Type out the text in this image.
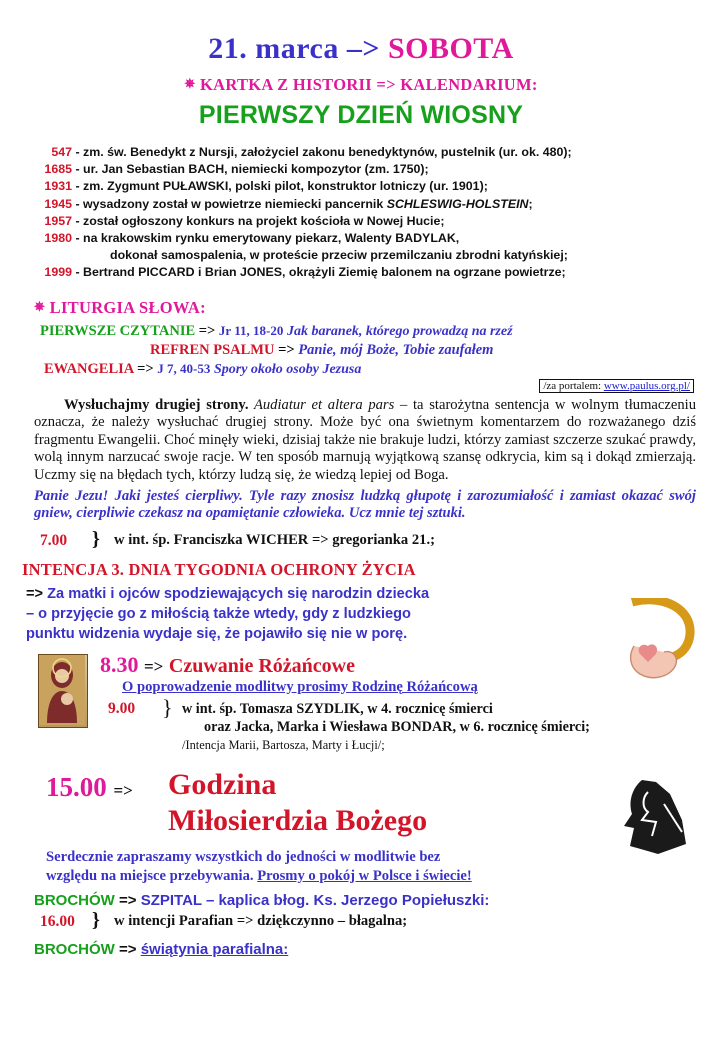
21. marca –> SOBOTA
✵ KARTKA Z HISTORII => KALENDARIUM:
PIERWSZY DZIEŃ WIOSNY
547 - zm. św. Benedykt z Nursji, założyciel zakonu benedyktynów, pustelnik (ur. ok. 480);
1685 - ur. Jan Sebastian BACH, niemiecki kompozytor (zm. 1750);
1931 - zm. Zygmunt PUŁAWSKI, polski pilot, konstruktor lotniczy (ur. 1901);
1945 - wysadzony został w powietrze niemiecki pancernik SCHLESWIG-HOLSTEIN;
1957 - został ogłoszony konkurs na projekt kościoła w Nowej Hucie;
1980 - na krakowskim rynku emerytowany piekarz, Walenty BADYLAK,
dokonał samospalenia, w proteście przeciw przemilczaniu zbrodni katyńskiej;
1999 - Bertrand PICCARD i Brian JONES, okrążyli Ziemię balonem na ogrzane powietrze;
✵ LITURGIA SŁOWA:
PIERWSZE CZYTANIE => Jr 11, 18-20 Jak baranek, którego prowadzą na rzeź
REFREN PSALMU => Panie, mój Boże, Tobie zaufałem
EWANGELIA => J 7, 40-53 Spory około osoby Jezusa
/za portalem: www.paulus.org.pl/
Wysłuchajmy drugiej strony. Audiatur et altera pars – ta starożytna sentencja w wolnym tłumaczeniu oznacza, że należy wysłuchać drugiej strony. Może być ona świetnym komentarzem do rozważanego dziś fragmentu Ewangelii. Choć minęły wieki, dzisiaj także nie brakuje ludzi, którzy zamiast szczerze szukać prawdy, wolą innym narzucać swoje racje. W ten sposób marnują wyjątkową szansę odkrycia, kim są i dokąd zmierzają. Uczmy się na błędach tych, którzy ludzą się, że wiedzą lepiej od Boga.
Panie Jezu! Jaki jesteś cierpliwy. Tyle razy znosisz ludzką głupotę i zarozumiałość i zamiast okazać swój gniew, cierpliwie czekasz na opamiętanie człowieka. Ucz mnie tej sztuki.
7.00	} w int. śp. Franciszka WICHER => gregorianka 21.;
INTENCJA 3. DNIA TYGODNIA OCHRONY ŻYCIA
=> Za matki i ojców spodziewających się narodzin dziecka
– o przyjęcie go z miłością także wtedy, gdy z ludzkiego
punktu widzenia wydaje się, że pojawiło się nie w porę.
8.30 => Czuwanie Różańcowe
O poprowadzenie modlitwy prosimy Rodzinę Różańcową
9.00	} w int. śp. Tomasza SZYDLIK, w 4. rocznicę śmierci
oraz Jacka, Marka i Wiesława BONDAR, w 6. rocznicę śmierci;
/Intencja Marii, Bartosza, Marty i Łucji/;
15.00 => Godzina
Miłosierdzia Bożego
Serdecznie zapraszamy wszystkich do jedności w modlitwie bez
względu na miejsce przebywania. Prosmy o pokój w Polsce i świecie!
BROCHÓW => SZPITAL – kaplica błog. Ks. Jerzego Popiełuszki:
16.00 } w intencji Parafian => dziękczynno – błagalna;
BROCHÓW => świątynia parafialna:
